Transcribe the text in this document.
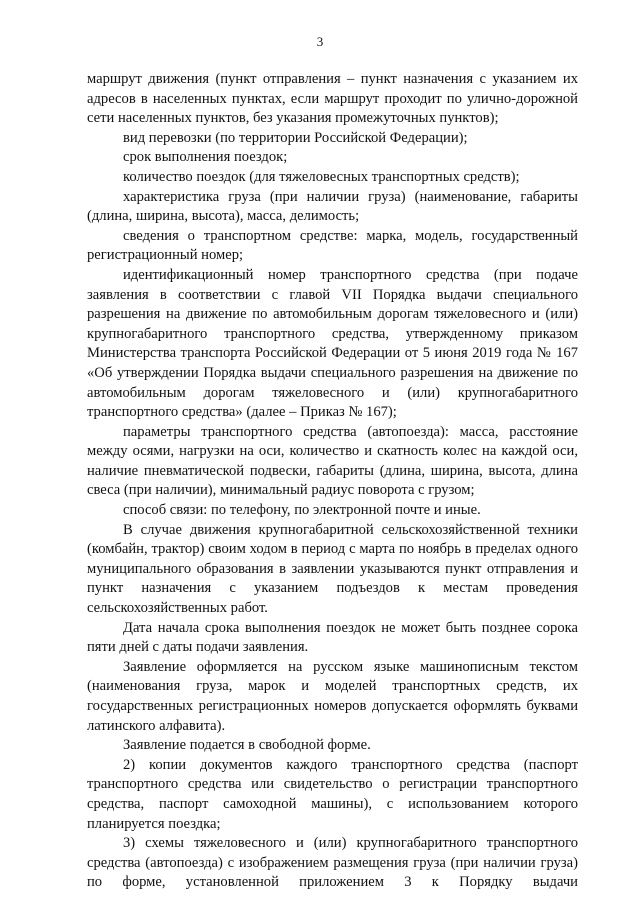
3

маршрут движения (пункт отправления – пункт назначения с указанием их адресов в населенных пунктах, если маршрут проходит по улично-дорожной сети населенных пунктов, без указания промежуточных пунктов);

вид перевозки (по территории Российской Федерации);

срок выполнения поездок;

количество поездок (для тяжеловесных транспортных средств);

характеристика груза (при наличии груза) (наименование, габариты (длина, ширина, высота), масса, делимость;

сведения о транспортном средстве: марка, модель, государственный регистрационный номер;

идентификационный номер транспортного средства (при подаче заявления в соответствии с главой VII Порядка выдачи специального разрешения на движение по автомобильным дорогам тяжеловесного и (или) крупногабаритного транспортного средства, утвержденному приказом Министерства транспорта Российской Федерации от 5 июня 2019 года № 167 «Об утверждении Порядка выдачи специального разрешения на движение по автомобильным дорогам тяжеловесного и (или) крупногабаритного транспортного средства» (далее – Приказ № 167);

параметры транспортного средства (автопоезда): масса, расстояние между осями, нагрузки на оси, количество и скатность колес на каждой оси, наличие пневматической подвески, габариты (длина, ширина, высота, длина свеса (при наличии), минимальный радиус поворота с грузом;

способ связи: по телефону, по электронной почте и иные.

В случае движения крупногабаритной сельскохозяйственной техники (комбайн, трактор) своим ходом в период с марта по ноябрь в пределах одного муниципального образования в заявлении указываются пункт отправления и пункт назначения с указанием подъездов к местам проведения сельскохозяйственных работ.

Дата начала срока выполнения поездок не может быть позднее сорока пяти дней с даты подачи заявления.

Заявление оформляется на русском языке машинописным текстом (наименования груза, марок и моделей транспортных средств, их государственных регистрационных номеров допускается оформлять буквами латинского алфавита).

Заявление подается в свободной форме.

2) копии документов каждого транспортного средства (паспорт транспортного средства или свидетельство о регистрации транспортного средства, паспорт самоходной машины), с использованием которого планируется поездка;

3) схемы тяжеловесного и (или) крупногабаритного транспортного средства (автопоезда) с изображением размещения груза (при наличии груза) по форме, установленной приложением 3 к Порядку выдачи
